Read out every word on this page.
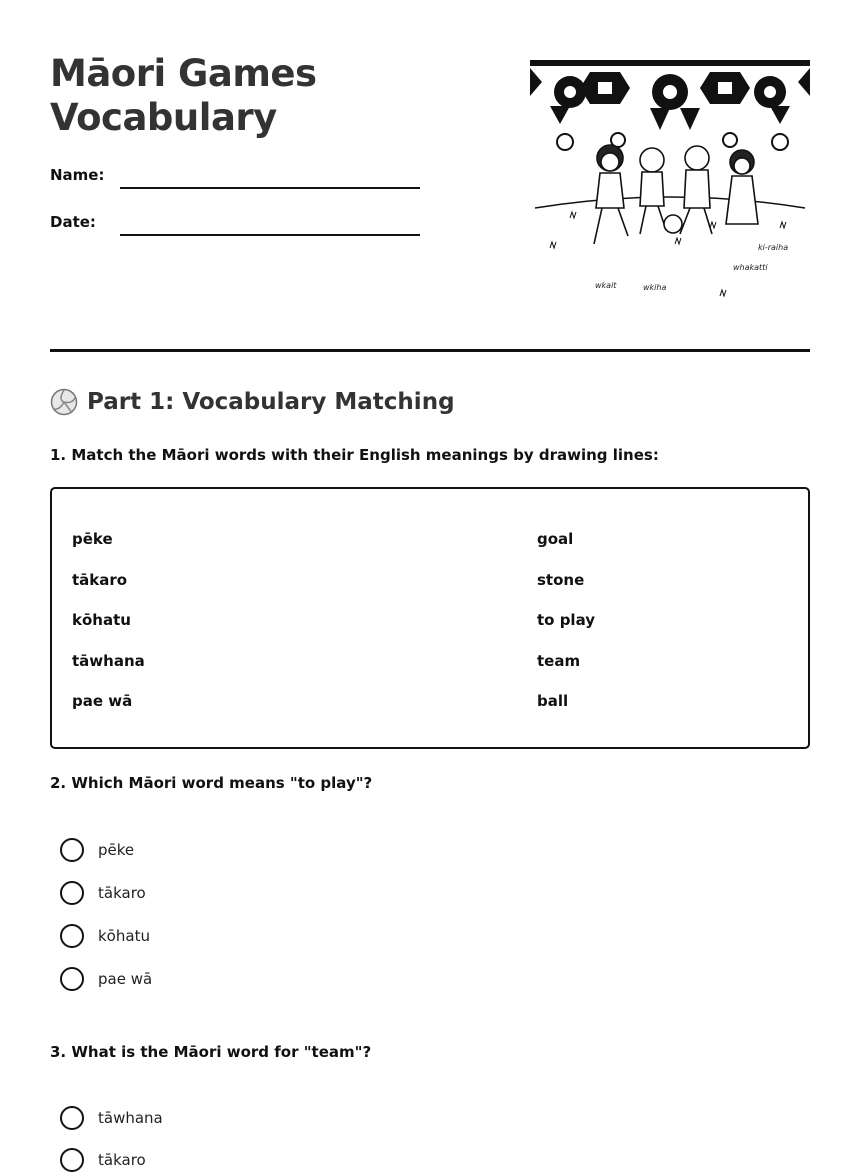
Māori Games
Vocabulary
Name:
Date:
ki-raiha
whakatti
wkait	wkiha
Part 1: Vocabulary Matching
1. Match the Māori words with their English meanings by drawing lines:
pēke
tākaro
kōhatu
tāwhana
pae wā
goal
stone
to play
team
ball
2. Which Māori word means "to play"?
pēke
tākaro
kōhatu
pae wā
3. What is the Māori word for "team"?
tāwhana
tākaro
